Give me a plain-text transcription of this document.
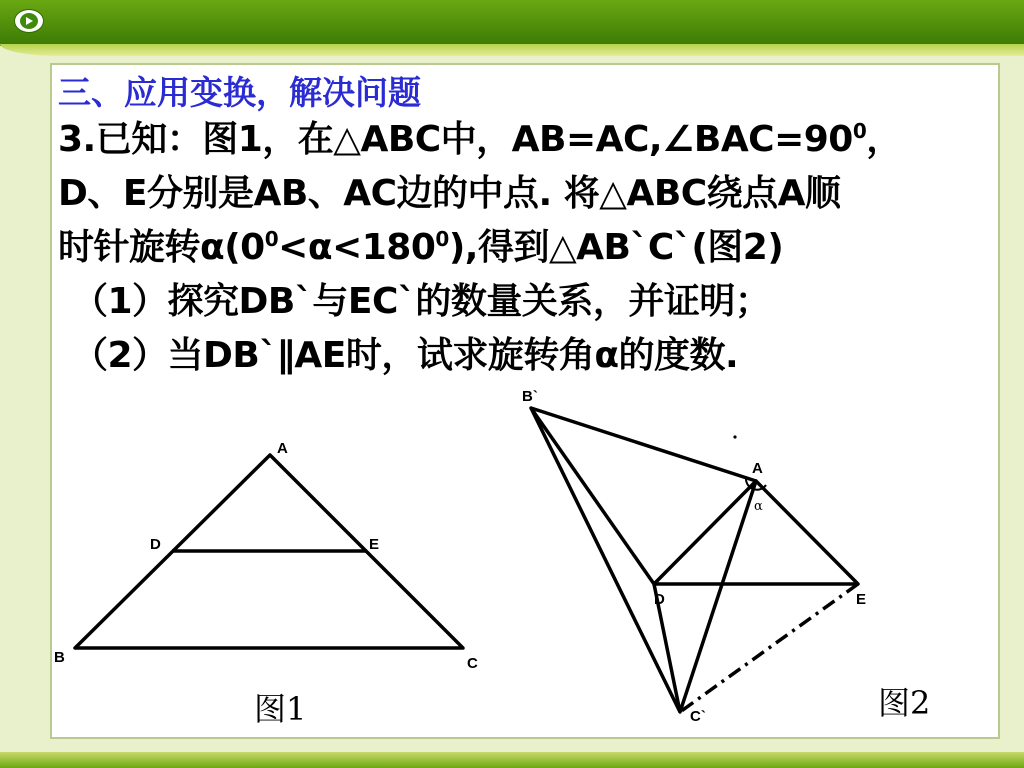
三、应用变换，解决问题
3.已知：图1，在△ABC中，$AB=AC,\angle BAC=90^0$，
D、E分别是AB、AC边的中点. 将△ABC绕点A顺
时针旋转$\alpha(0^0<\alpha<180^0)$,得到△AB`C`(图2)
（1）探究DB`与EC`的数量关系，并证明；
（2）当DB`∥AE时，试求旋转角α的度数.
A
D	E
B	C
图1
B`
A
D	E
C`
α
图2
